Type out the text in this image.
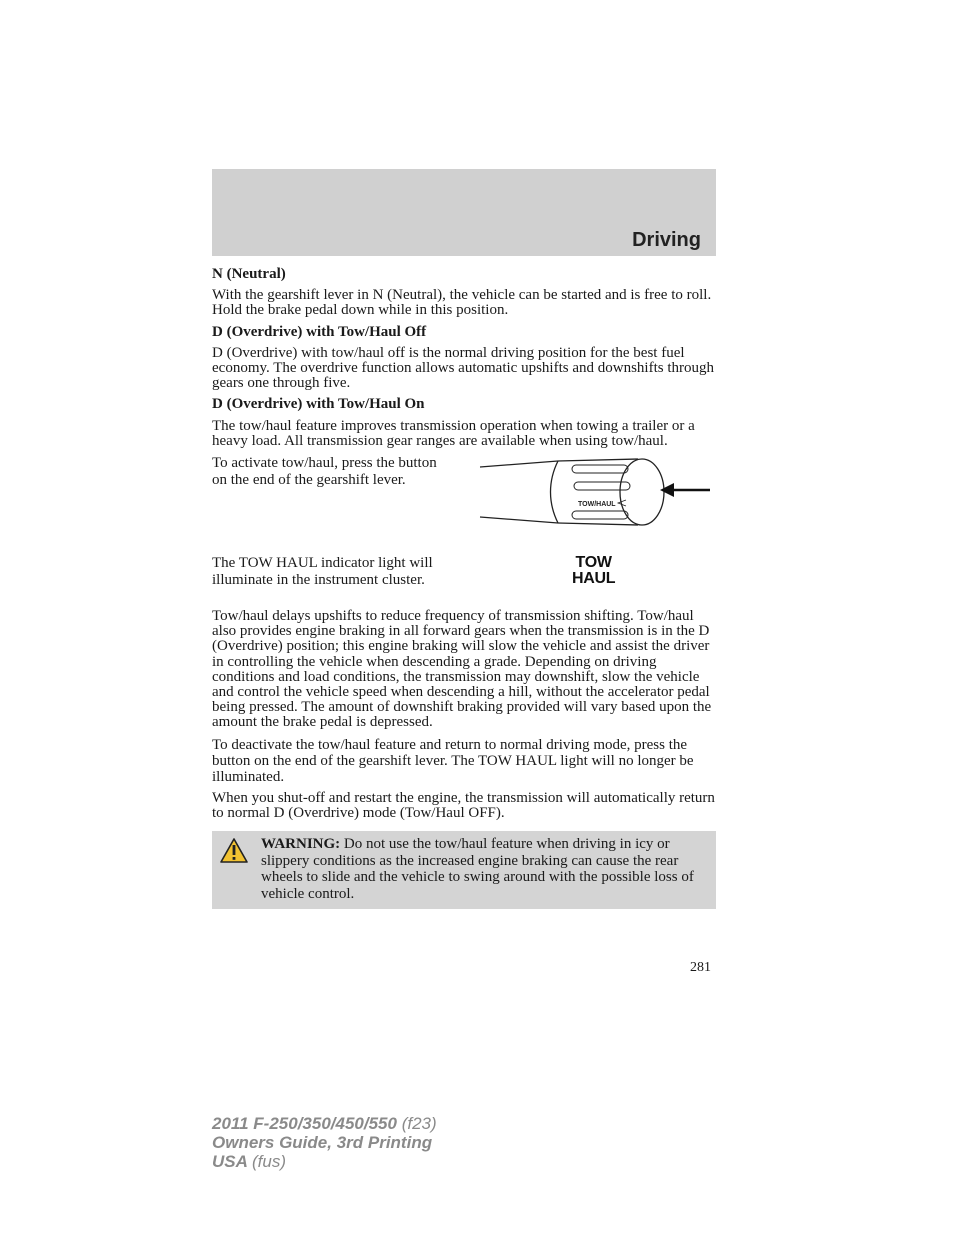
Driving
N (Neutral)
With the gearshift lever in N (Neutral), the vehicle can be started and is free to roll. Hold the brake pedal down while in this position.
D (Overdrive) with Tow/Haul Off
D (Overdrive) with tow/haul off is the normal driving position for the best fuel economy. The overdrive function allows automatic upshifts and downshifts through gears one through five.
D (Overdrive) with Tow/Haul On
The tow/haul feature improves transmission operation when towing a trailer or a heavy load. All transmission gear ranges are available when using tow/haul.
To activate tow/haul, press the button on the end of the gearshift lever.
TOW/HAUL
The TOW HAUL indicator light will illuminate in the instrument cluster.
TOW
HAUL
Tow/haul delays upshifts to reduce frequency of transmission shifting. Tow/haul also provides engine braking in all forward gears when the transmission is in the D (Overdrive) position; this engine braking will slow the vehicle and assist the driver in controlling the vehicle when descending a grade. Depending on driving conditions and load conditions, the transmission may downshift, slow the vehicle and control the vehicle speed when descending a hill, without the accelerator pedal being pressed. The amount of downshift braking provided will vary based upon the amount the brake pedal is depressed.
To deactivate the tow/haul feature and return to normal driving mode, press the button on the end of the gearshift lever. The TOW HAUL light will no longer be illuminated.
When you shut-off and restart the engine, the transmission will automatically return to normal D (Overdrive) mode (Tow/Haul OFF).
WARNING: Do not use the tow/haul feature when driving in icy or slippery conditions as the increased engine braking can cause the rear wheels to slide and the vehicle to swing around with the possible loss of vehicle control.
281
2011 F-250/350/450/550 (f23)
Owners Guide, 3rd Printing
USA (fus)
